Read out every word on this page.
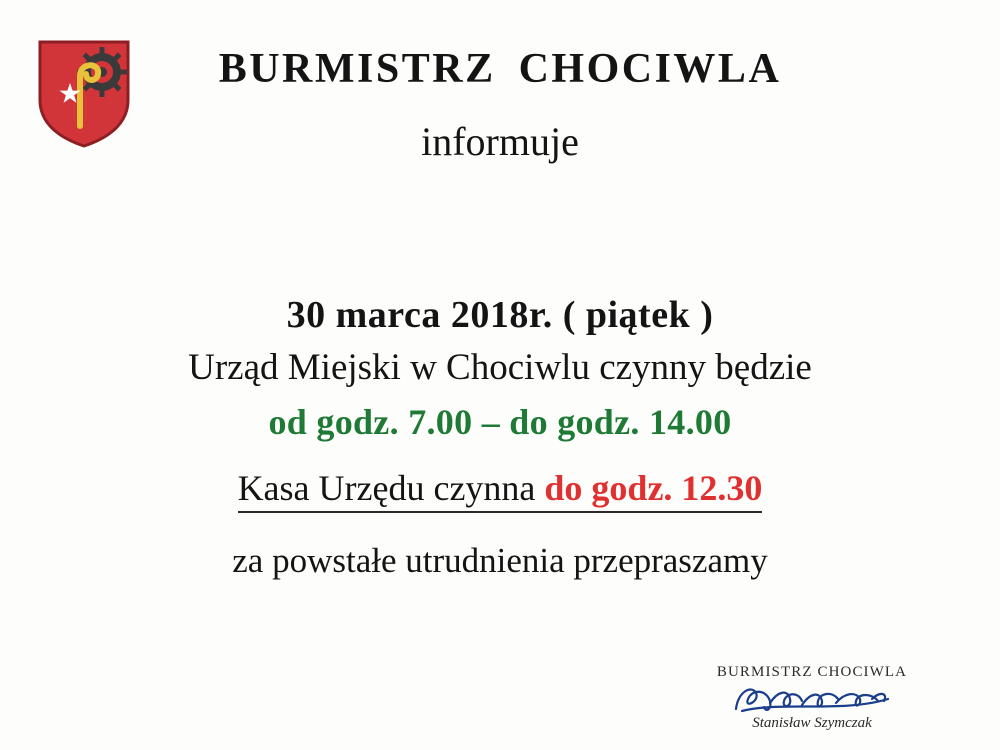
BURMISTRZ CHOCIWLA
informuje
30 marca 2018r. ( piątek )
Urząd Miejski w Chociwlu czynny będzie
od godz. 7.00 – do godz. 14.00
Kasa Urzędu czynna do godz. 12.30
za powstałe utrudnienia przepraszamy
BURMISTRZ CHOCIWLA
Stanisław Szymczak
